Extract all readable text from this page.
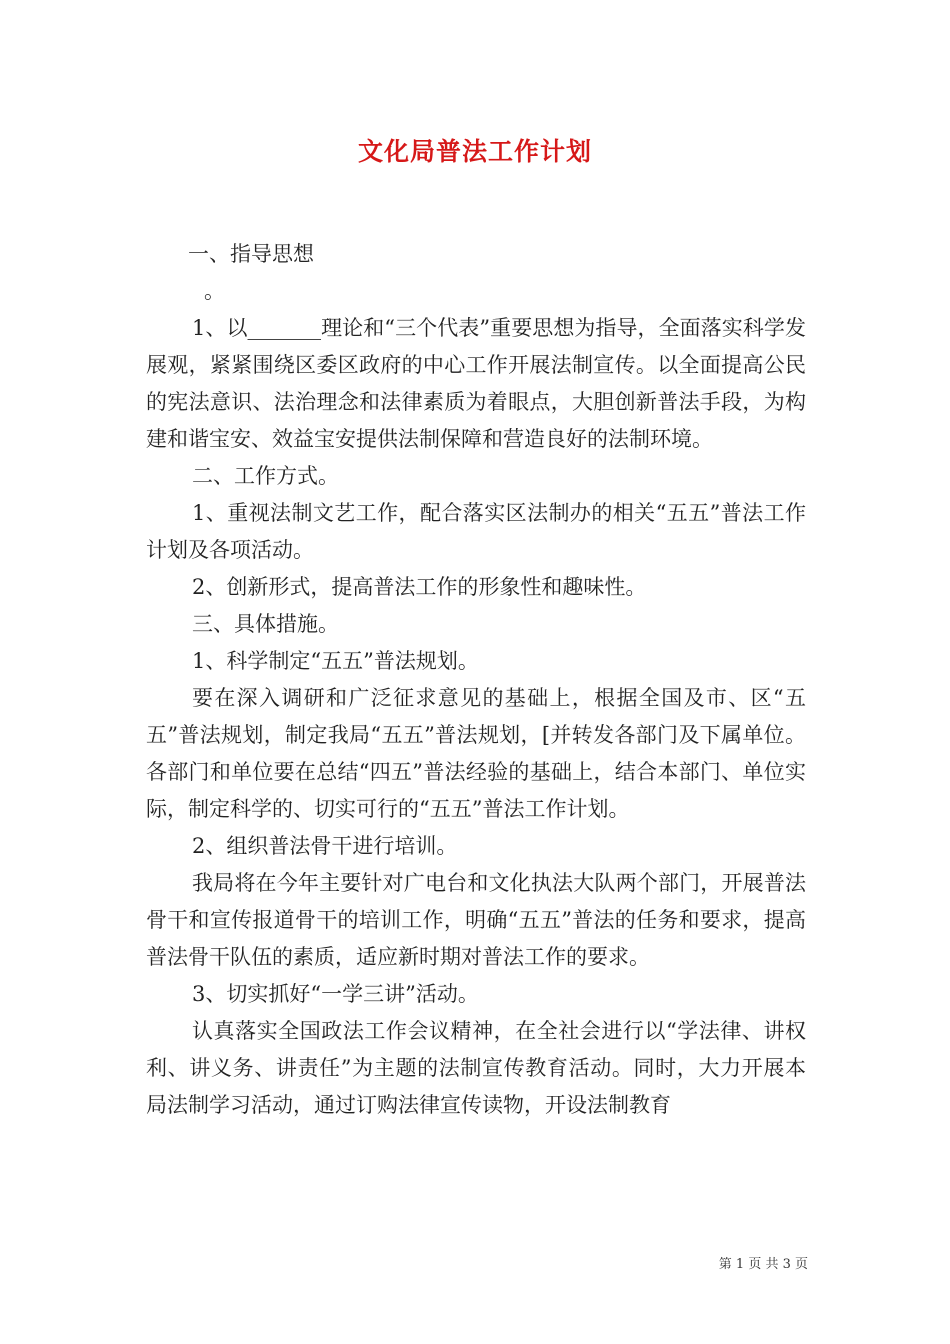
文化局普法工作计划

一、指导思想

。

1、以_______理论和“三个代表”重要思想为指导，全面落实科学发展观，紧紧围绕区委区政府的中心工作开展法制宣传。以全面提高公民的宪法意识、法治理念和法律素质为着眼点，大胆创新普法手段，为构建和谐宝安、效益宝安提供法制保障和营造良好的法制环境。

二、工作方式。

1、重视法制文艺工作，配合落实区法制办的相关“五五”普法工作计划及各项活动。

2、创新形式，提高普法工作的形象性和趣味性。

三、具体措施。

1、科学制定“五五”普法规划。

要在深入调研和广泛征求意见的基础上，根据全国及市、区“五五”普法规划，制定我局“五五”普法规划，[并转发各部门及下属单位。各部门和单位要在总结“四五”普法经验的基础上，结合本部门、单位实际，制定科学的、切实可行的“五五”普法工作计划。

2、组织普法骨干进行培训。

我局将在今年主要针对广电台和文化执法大队两个部门，开展普法骨干和宣传报道骨干的培训工作，明确“五五”普法的任务和要求，提高普法骨干队伍的素质，适应新时期对普法工作的要求。

3、切实抓好“一学三讲”活动。

认真落实全国政法工作会议精神，在全社会进行以“学法律、讲权利、讲义务、讲责任”为主题的法制宣传教育活动。同时，大力开展本局法制学习活动，通过订购法律宣传读物，开设法制教育

第 1 页 共 3 页
